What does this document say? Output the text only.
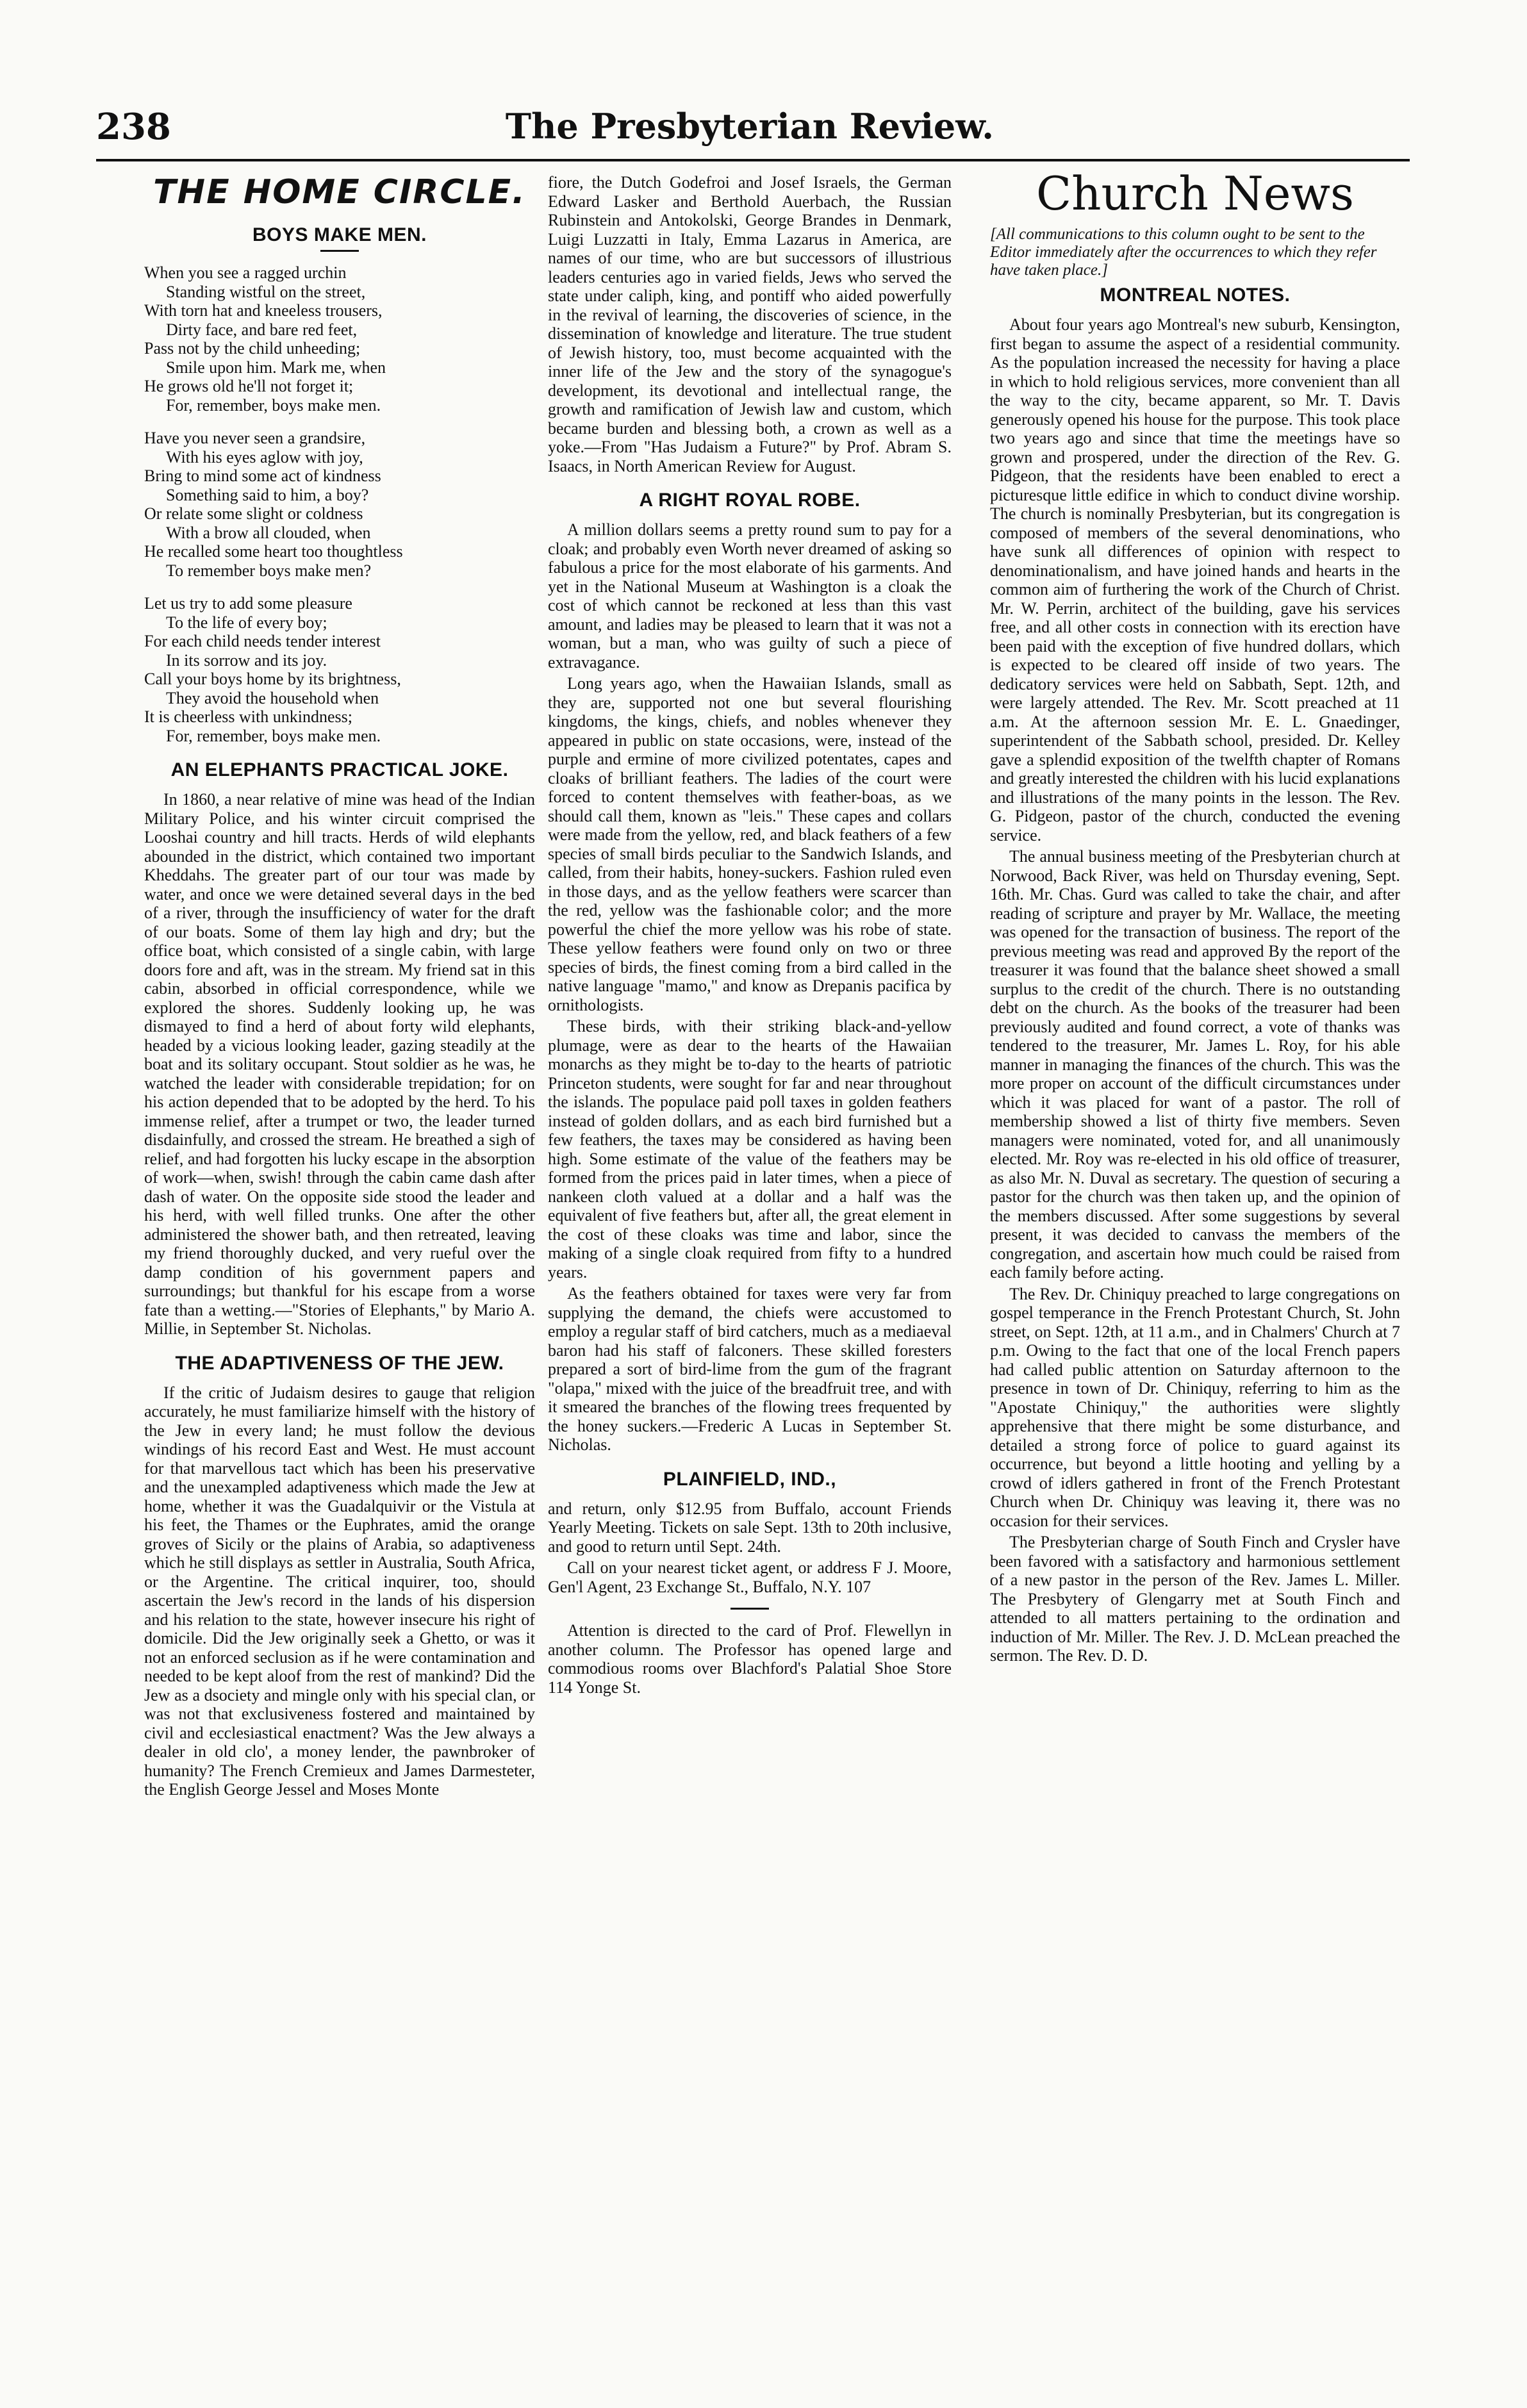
238	The Presbyterian Review.
THE HOME CIRCLE.
BOYS MAKE MEN.
When you see a ragged urchin
Standing wistful on the street,
With torn hat and kneeless trousers,
Dirty face, and bare red feet,
Pass not by the child unheeding;
Smile upon him. Mark me, when
He grows old he'll not forget it;
For, remember, boys make men.
Have you never seen a grandsire,
With his eyes aglow with joy,
Bring to mind some act of kindness
Something said to him, a boy?
Or relate some slight or coldness
With a brow all clouded, when
He recalled some heart too thoughtless
To remember boys make men?
Let us try to add some pleasure
To the life of every boy;
For each child needs tender interest
In its sorrow and its joy.
Call your boys home by its brightness,
They avoid the household when
It is cheerless with unkindness;
For, remember, boys make men.
AN ELEPHANTS PRACTICAL JOKE.

In 1860, a near relative of mine was head of the Indian Military Police, and his winter circuit comprised the Looshai country and hill tracts. Herds of wild elephants abounded in the district, which contained two important Kheddahs. The greater part of our tour was made by water, and once we were detained several days in the bed of a river, through the insufficiency of water for the draft of our boats. Some of them lay high and dry; but the office boat, which consisted of a single cabin, with large doors fore and aft, was in the stream. My friend sat in this cabin, absorbed in official correspondence, while we explored the shores. Suddenly looking up, he was dismayed to find a herd of about forty wild elephants, headed by a vicious looking leader, gazing steadily at the boat and its solitary occupant. Stout soldier as he was, he watched the leader with considerable trepidation; for on his action depended that to be adopted by the herd. To his immense relief, after a trumpet or two, the leader turned disdainfully, and crossed the stream. He breathed a sigh of relief, and had forgotten his lucky escape in the absorption of work—when, swish! through the cabin came dash after dash of water. On the opposite side stood the leader and his herd, with well filled trunks. One after the other administered the shower bath, and then retreated, leaving my friend thoroughly ducked, and very rueful over the damp condition of his government papers and surroundings; but thankful for his escape from a worse fate than a wetting.—"Stories of Elephants," by Mario A. Millie, in September St. Nicholas.

THE ADAPTIVENESS OF THE JEW.

If the critic of Judaism desires to gauge that religion accurately, he must familiarize himself with the history of the Jew in every land; he must follow the devious windings of his record East and West. He must account for that marvellous tact which has been his preservative and the unexampled adaptiveness which made the Jew at home, whether it was the Guadalquivir or the Vistula at his feet, the Thames or the Euphrates, amid the orange groves of Sicily or the plains of Arabia, so adaptiveness which he still displays as settler in Australia, South Africa, or the Argentine. The critical inquirer, too, should ascertain the Jew's record in the lands of his dispersion and his relation to the state, however insecure his right of domicile. Did the Jew originally seek a Ghetto, or was it not an enforced seclusion as if he were contamination and needed to be kept aloof from the rest of mankind? Did the Jew as a dsociety and mingle only with his special clan, or was not that exclusiveness fostered and maintained by civil and ecclesiastical enactment? Was the Jew always a dealer in old clo', a money lender, the pawnbroker of humanity? The French Cremieux and James Darmesteter, the English George Jessel and Moses Monte

fiore, the Dutch Godefroi and Josef Israels, the German Edward Lasker and Berthold Auerbach, the Russian Rubinstein and Antokolski, George Brandes in Denmark, Luigi Luzzatti in Italy, Emma Lazarus in America, are names of our time, who are but successors of illustrious leaders centuries ago in varied fields, Jews who served the state under caliph, king, and pontiff who aided powerfully in the revival of learning, the discoveries of science, in the dissemination of knowledge and literature. The true student of Jewish history, too, must become acquainted with the inner life of the Jew and the story of the synagogue's development, its devotional and intellectual range, the growth and ramification of Jewish law and custom, which became burden and blessing both, a crown as well as a yoke.—From "Has Judaism a Future?" by Prof. Abram S. Isaacs, in North American Review for August.

A RIGHT ROYAL ROBE.

A million dollars seems a pretty round sum to pay for a cloak; and probably even Worth never dreamed of asking so fabulous a price for the most elaborate of his garments. And yet in the National Museum at Washington is a cloak the cost of which cannot be reckoned at less than this vast amount, and ladies may be pleased to learn that it was not a woman, but a man, who was guilty of such a piece of extravagance.

Long years ago, when the Hawaiian Islands, small as they are, supported not one but several flourishing kingdoms, the kings, chiefs, and nobles whenever they appeared in public on state occasions, were, instead of the purple and ermine of more civilized potentates, capes and cloaks of brilliant feathers. The ladies of the court were forced to content themselves with feather-boas, as we should call them, known as "leis." These capes and collars were made from the yellow, red, and black feathers of a few species of small birds peculiar to the Sandwich Islands, and called, from their habits, honey-suckers. Fashion ruled even in those days, and as the yellow feathers were scarcer than the red, yellow was the fashionable color; and the more powerful the chief the more yellow was his robe of state. These yellow feathers were found only on two or three species of birds, the finest coming from a bird called in the native language "mamo," and know as Drepanis pacifica by ornithologists.

These birds, with their striking black-and-yellow plumage, were as dear to the hearts of the Hawaiian monarchs as they might be to-day to the hearts of patriotic Princeton students, were sought for far and near throughout the islands. The populace paid poll taxes in golden feathers instead of golden dollars, and as each bird furnished but a few feathers, the taxes may be considered as having been high. Some estimate of the value of the feathers may be formed from the prices paid in later times, when a piece of nankeen cloth valued at a dollar and a half was the equivalent of five feathers but, after all, the great element in the cost of these cloaks was time and labor, since the making of a single cloak required from fifty to a hundred years.

As the feathers obtained for taxes were very far from supplying the demand, the chiefs were accustomed to employ a regular staff of bird catchers, much as a mediaeval baron had his staff of falconers. These skilled foresters prepared a sort of bird-lime from the gum of the fragrant "olapa," mixed with the juice of the breadfruit tree, and with it smeared the branches of the flowing trees frequented by the honey suckers.—Frederic A Lucas in September St. Nicholas.

PLAINFIELD, IND.,

and return, only $12.95 from Buffalo, account Friends Yearly Meeting. Tickets on sale Sept. 13th to 20th inclusive, and good to return until Sept. 24th.

Call on your nearest ticket agent, or address F J. Moore, Gen'l Agent, 23 Exchange St., Buffalo, N.Y. 107

Attention is directed to the card of Prof. Flewellyn in another column. The Professor has opened large and commodious rooms over Blachford's Palatial Shoe Store 114 Yonge St.

Church News
[All communications to this column ought to be sent to the Editor immediately after the occurrences to which they refer have taken place.]
MONTREAL NOTES.

About four years ago Montreal's new suburb, Kensington, first began to assume the aspect of a residential community. As the population increased the necessity for having a place in which to hold religious services, more convenient than all the way to the city, became apparent, so Mr. T. Davis generously opened his house for the purpose. This took place two years ago and since that time the meetings have so grown and prospered, under the direction of the Rev. G. Pidgeon, that the residents have been enabled to erect a picturesque little edifice in which to conduct divine worship. The church is nominally Presbyterian, but its congregation is composed of members of the several denominations, who have sunk all differences of opinion with respect to denominationalism, and have joined hands and hearts in the common aim of furthering the work of the Church of Christ. Mr. W. Perrin, architect of the building, gave his services free, and all other costs in connection with its erection have been paid with the exception of five hundred dollars, which is expected to be cleared off inside of two years. The dedicatory services were held on Sabbath, Sept. 12th, and were largely attended. The Rev. Mr. Scott preached at 11 a.m. At the afternoon session Mr. E. L. Gnaedinger, superintendent of the Sabbath school, presided. Dr. Kelley gave a splendid exposition of the twelfth chapter of Romans and greatly interested the children with his lucid explanations and illustrations of the many points in the lesson. The Rev. G. Pidgeon, pastor of the church, conducted the evening service.

The annual business meeting of the Presbyterian church at Norwood, Back River, was held on Thursday evening, Sept. 16th. Mr. Chas. Gurd was called to take the chair, and after reading of scripture and prayer by Mr. Wallace, the meeting was opened for the transaction of business. The report of the previous meeting was read and approved By the report of the treasurer it was found that the balance sheet showed a small surplus to the credit of the church. There is no outstanding debt on the church. As the books of the treasurer had been previously audited and found correct, a vote of thanks was tendered to the treasurer, Mr. James L. Roy, for his able manner in managing the finances of the church. This was the more proper on account of the difficult circumstances under which it was placed for want of a pastor. The roll of membership showed a list of thirty five members. Seven managers were nominated, voted for, and all unanimously elected. Mr. Roy was re-elected in his old office of treasurer, as also Mr. N. Duval as secretary. The question of securing a pastor for the church was then taken up, and the opinion of the members discussed. After some suggestions by several present, it was decided to canvass the members of the congregation, and ascertain how much could be raised from each family before acting.

The Rev. Dr. Chiniquy preached to large congregations on gospel temperance in the French Protestant Church, St. John street, on Sept. 12th, at 11 a.m., and in Chalmers' Church at 7 p.m. Owing to the fact that one of the local French papers had called public attention on Saturday afternoon to the presence in town of Dr. Chiniquy, referring to him as the "Apostate Chiniquy," the authorities were slightly apprehensive that there might be some disturbance, and detailed a strong force of police to guard against its occurrence, but beyond a little hooting and yelling by a crowd of idlers gathered in front of the French Protestant Church when Dr. Chiniquy was leaving it, there was no occasion for their services.

The Presbyterian charge of South Finch and Crysler have been favored with a satisfactory and harmonious settlement of a new pastor in the person of the Rev. James L. Miller. The Presbytery of Glengarry met at South Finch and attended to all matters pertaining to the ordination and induction of Mr. Miller. The Rev. J. D. McLean preached the sermon. The Rev. D. D.
